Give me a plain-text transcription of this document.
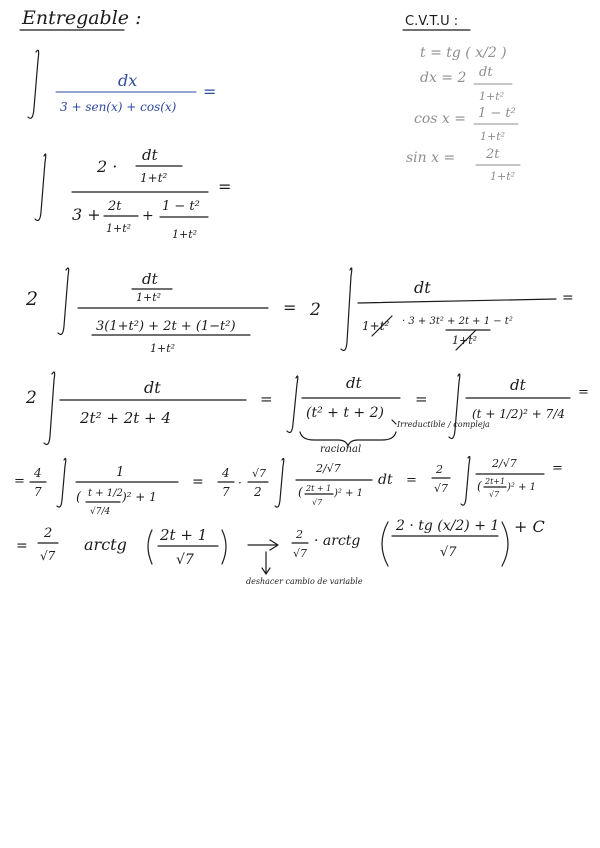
Entregable :	C.V.T.U :
t = tg ( x/2 )
dx = 2 dt
1+t²
cos x = 1 − t²
1+t²
sin x = 2t
1+t²
dx
3 + sen(x) + cos(x)
=
2 ·
dt
1+t²
3 + 2t
1+t²
+
1 − t²
1+t²
=
2
dt
1+t²
3(1+t²) + 2t + (1−t²)
1+t²
= 2
dt
1+t² · 3 + 3t² + 2t + 1 − t²
1+t²
=
2
dt
2t² + 2t + 4
=
dt
(t² + t + 2)
Irreductible / compleja
racional
=
dt
(t + 1/2)² + 7/4
=
=
4
7
1
( t + 1/2
√7/4
)² + 1
=
4
7
·
√7
2
2/√7
( 2t + 1
√7
)² + 1
dt =
2
√7
2/√7
( 2t+1
√7
)² + 1
=
=
2
√7
arctg 2t + 1
√7
deshacer cambio de variable
2
√7
· arctg
2 · tg (x/2) + 1
√7
+ C
